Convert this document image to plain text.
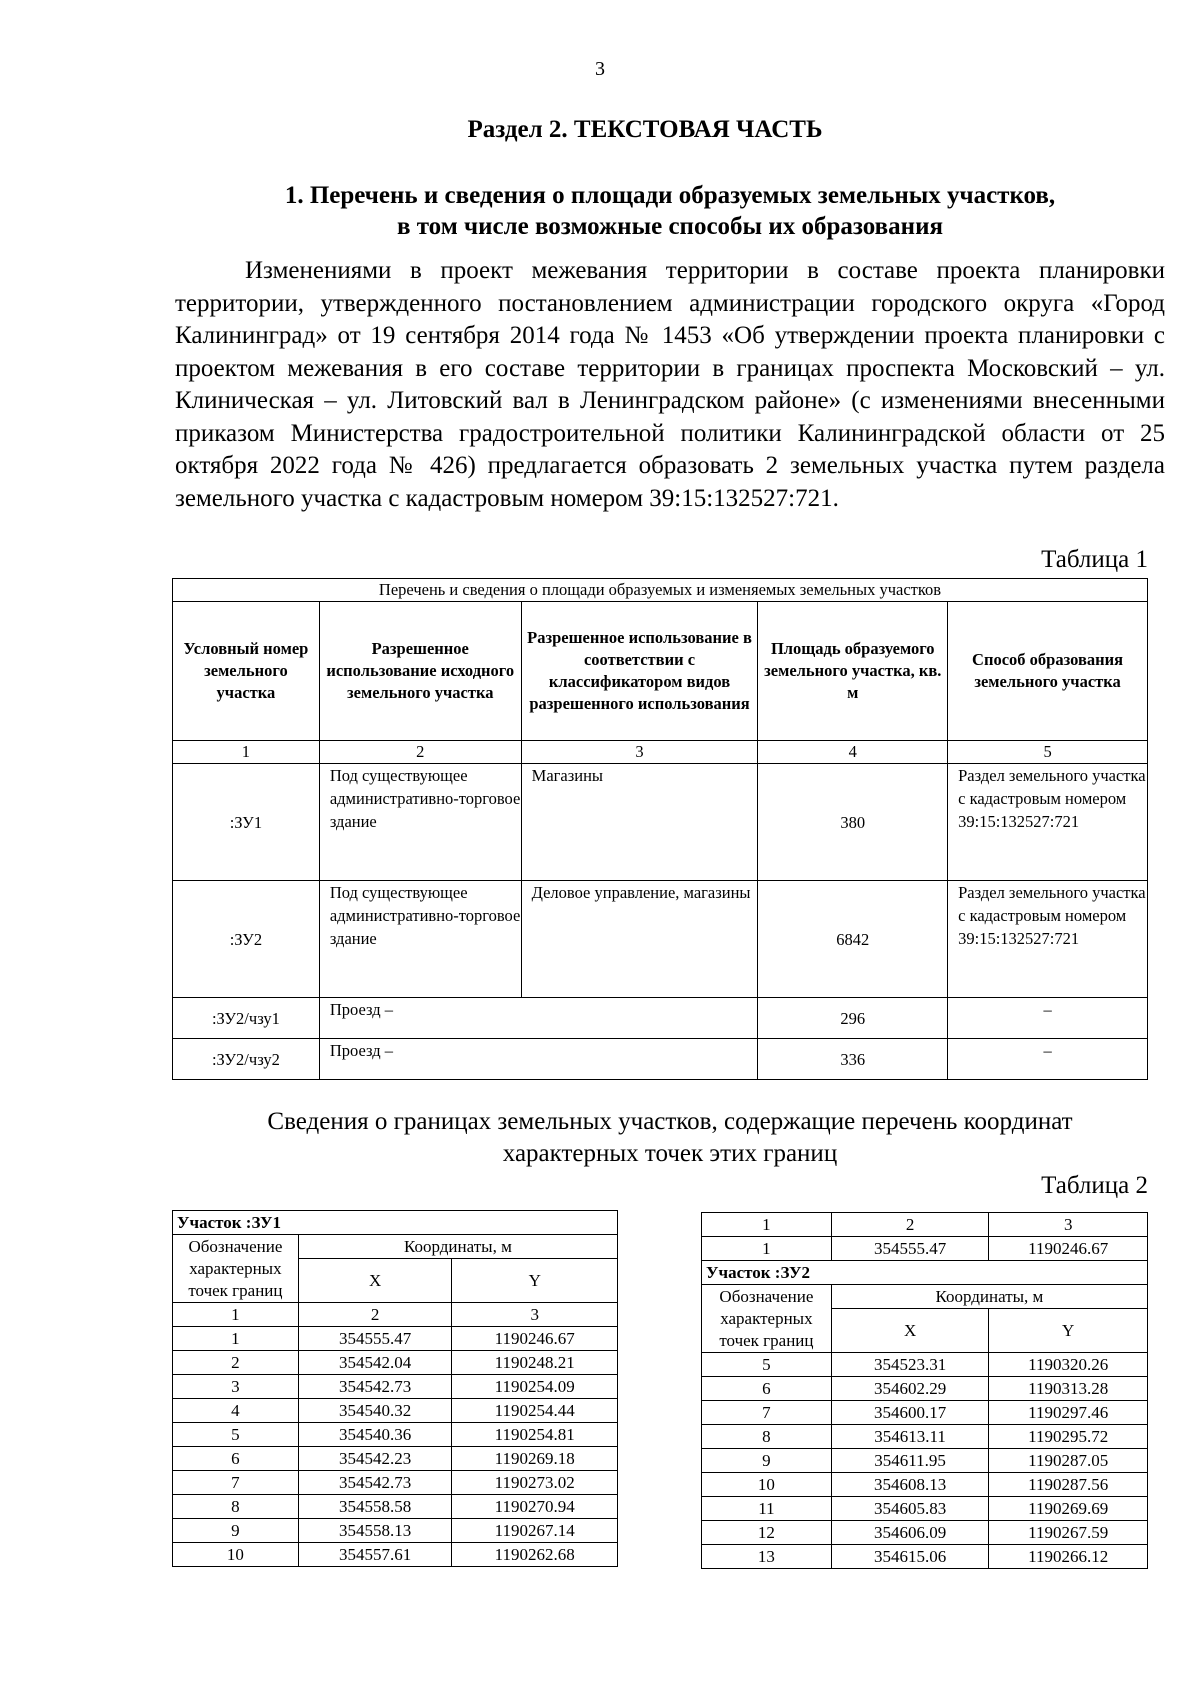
3
Раздел 2. ТЕКСТОВАЯ ЧАСТЬ
1. Перечень и сведения о площади образуемых земельных участков,
в том числе возможные способы их образования

Изменениями в проект межевания территории в составе проекта планировки территории, утвержденного постановлением администрации городского округа «Город Калининград» от 19 сентября 2014 года № 1453 «Об утверждении проекта планировки с проектом межевания в его составе территории в границах проспекта Московский – ул. Клиническая – ул. Литовский вал в Ленинградском районе» (с изменениями внесенными приказом Министерства градостроительной политики Калининградской области от 25 октября 2022 года № 426) предлагается образовать 2 земельных участка путем раздела земельного участка с кадастровым номером 39:15:132527:721.

Таблица 1
Перечень и сведения о площади образуемых и изменяемых земельных участков				
Условный номер земельного участка	Разрешенное использование исходного земельного участка	Разрешенное использование в соответствии с классификатором видов разрешенного использования	Площадь образуемого земельного участка, кв. м	Способ образования земельного участка
1	2	3	4	5
:ЗУ1	Под существующее административно-торговое здание	Магазины	380	Раздел земельного участка с кадастровым номером 39:15:132527:721
:ЗУ2	Под существующее административно-торговое здание	Деловое управление, магазины	6842	Раздел земельного участка с кадастровым номером 39:15:132527:721
:ЗУ2/чзу1	Проезд –		296	–
:ЗУ2/чзу2	Проезд –		336	–
Сведения о границах земельных участков, содержащие перечень координат
характерных точек этих границ
Таблица 2
Участок :ЗУ1		
Обозначение характерных точек границ	Координаты, м	
	X	Y
1	2	3
1	354555.47	1190246.67
2	354542.04	1190248.21
3	354542.73	1190254.09
4	354540.32	1190254.44
5	354540.36	1190254.81
6	354542.23	1190269.18
7	354542.73	1190273.02
8	354558.58	1190270.94
9	354558.13	1190267.14
10	354557.61	1190262.68
1	2	3
1	354555.47	1190246.67
Участок :ЗУ2		
Обозначение характерных точек границ	Координаты, м	
	X	Y
5	354523.31	1190320.26
6	354602.29	1190313.28
7	354600.17	1190297.46
8	354613.11	1190295.72
9	354611.95	1190287.05
10	354608.13	1190287.56
11	354605.83	1190269.69
12	354606.09	1190267.59
13	354615.06	1190266.12
